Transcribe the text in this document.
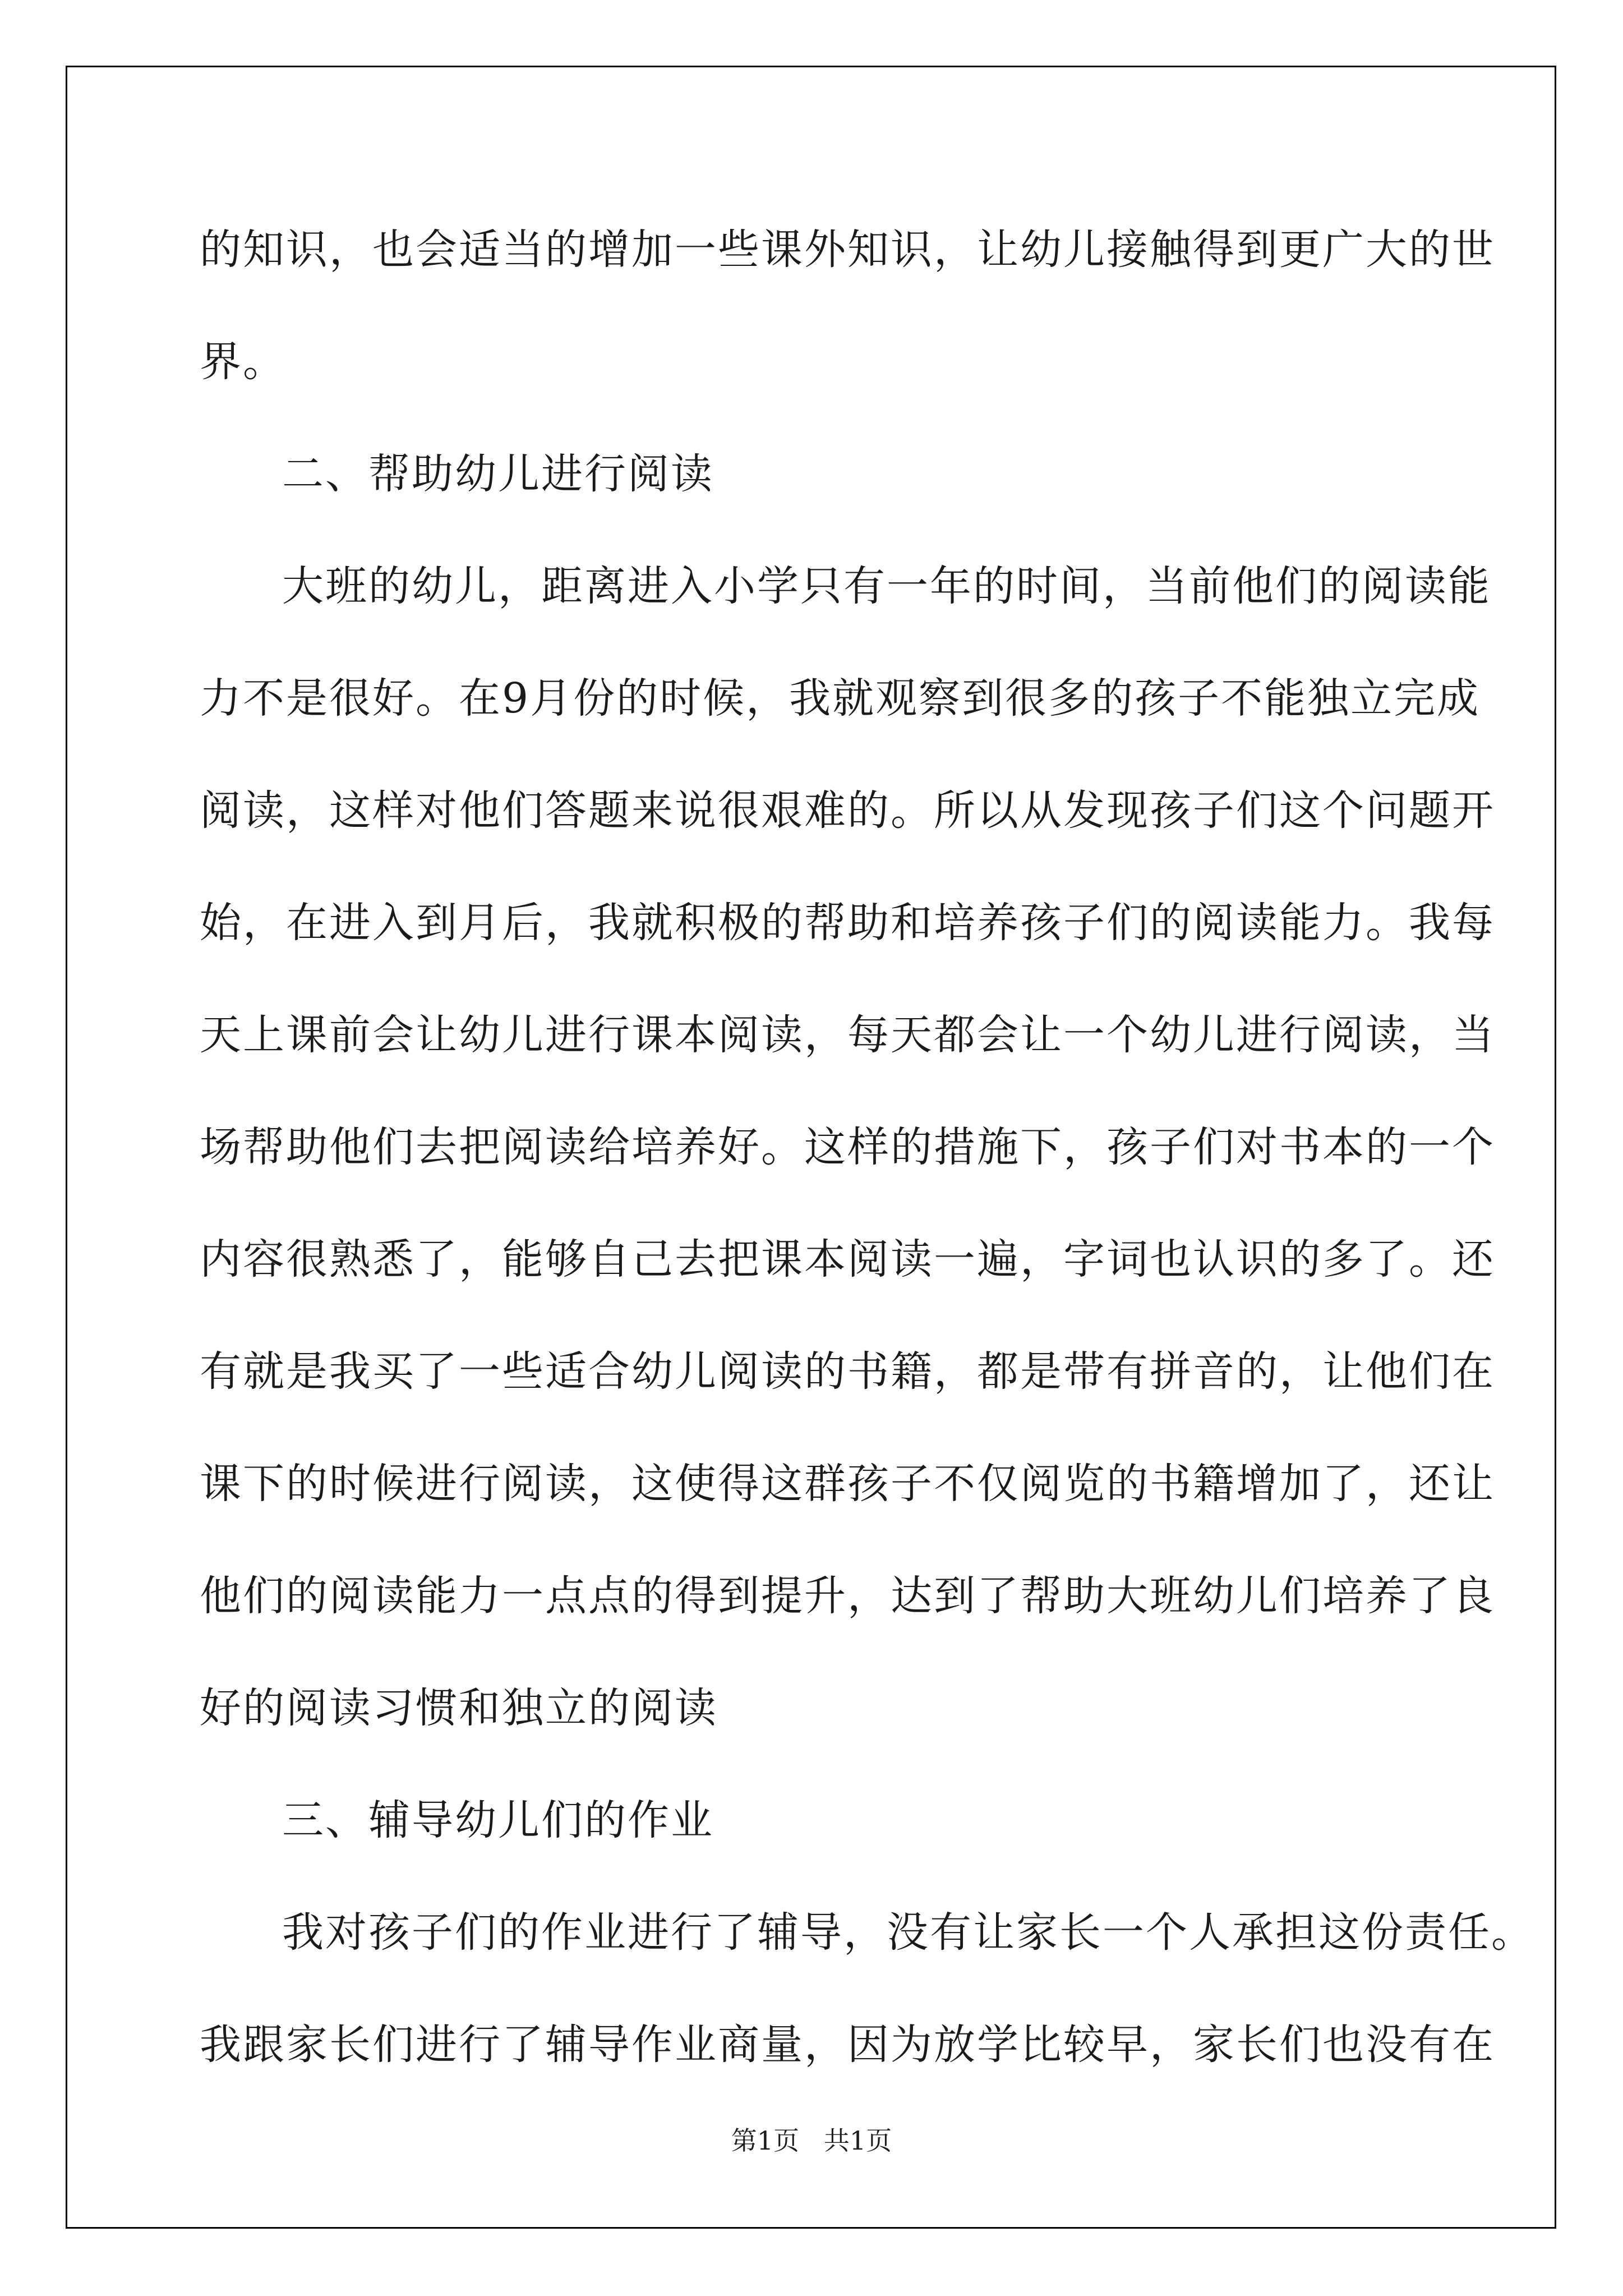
的知识，也会适当的增加一些课外知识，让幼儿接触得到更广大的世
界。
二、帮助幼儿进行阅读
大班的幼儿，距离进入小学只有一年的时间，当前他们的阅读能
力不是很好。在9月份的时候，我就观察到很多的孩子不能独立完成
阅读，这样对他们答题来说很艰难的。所以从发现孩子们这个问题开
始，在进入到月后，我就积极的帮助和培养孩子们的阅读能力。我每
天上课前会让幼儿进行课本阅读，每天都会让一个幼儿进行阅读，当
场帮助他们去把阅读给培养好。这样的措施下，孩子们对书本的一个
内容很熟悉了，能够自己去把课本阅读一遍，字词也认识的多了。还
有就是我买了一些适合幼儿阅读的书籍，都是带有拼音的，让他们在
课下的时候进行阅读，这使得这群孩子不仅阅览的书籍增加了，还让
他们的阅读能力一点点的得到提升，达到了帮助大班幼儿们培养了良
好的阅读习惯和独立的阅读
三、辅导幼儿们的作业
我对孩子们的作业进行了辅导，没有让家长一个人承担这份责任。
我跟家长们进行了辅导作业商量，因为放学比较早，家长们也没有在
第1页   共1页
